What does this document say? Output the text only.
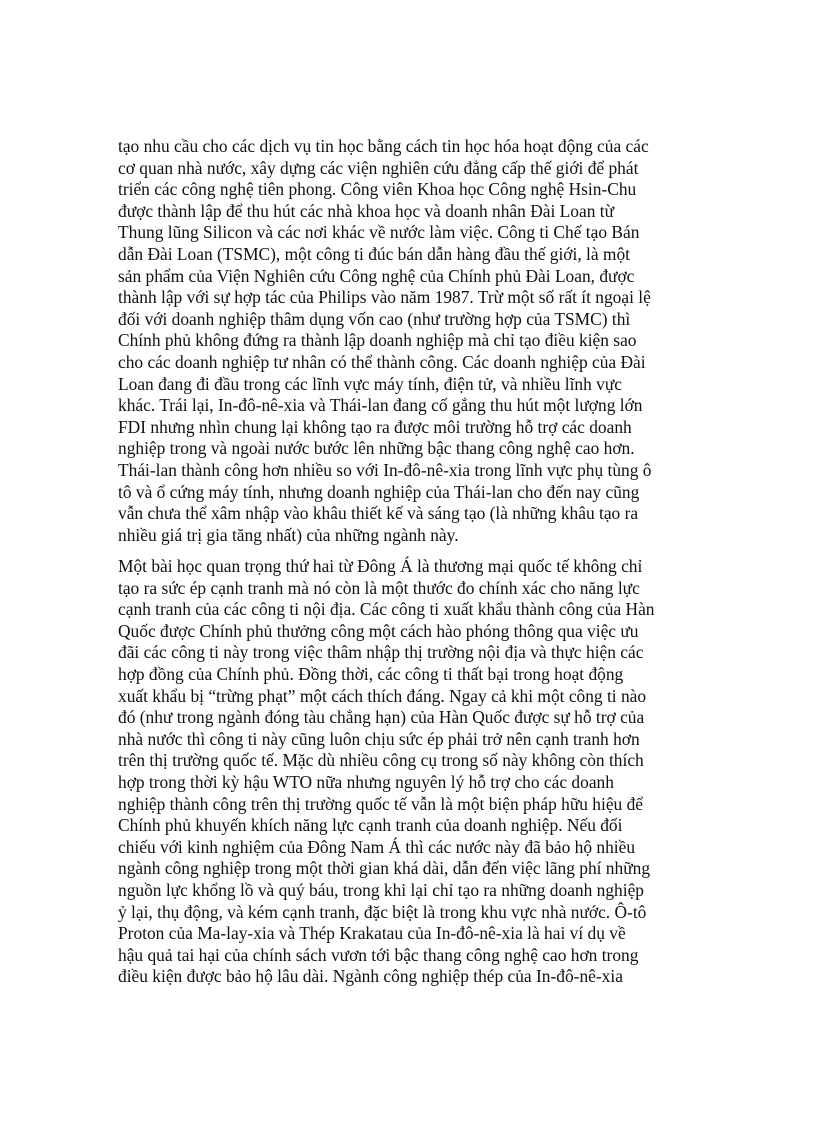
tạo nhu cầu cho các dịch vụ tin học bằng cách tin học hóa hoạt động của các
cơ quan nhà nước, xây dựng các viện nghiên cứu đẳng cấp thế giới để phát
triển các công nghệ tiên phong. Công viên Khoa học Công nghệ Hsin-Chu
được thành lập để thu hút các nhà khoa học và doanh nhân Đài Loan từ
Thung lũng Silicon và các nơi khác về nước làm việc. Công ti Chế tạo Bán
dẫn Đài Loan (TSMC), một công ti đúc bán dẫn hàng đầu thế giới, là một
sản phẩm của Viện Nghiên cứu Công nghệ của Chính phủ Đài Loan, được
thành lập với sự hợp tác của Philips vào năm 1987. Trừ một số rất ít ngoại lệ
đối với doanh nghiệp thâm dụng vốn cao (như trường hợp của TSMC) thì
Chính phủ không đứng ra thành lập doanh nghiệp mà chỉ tạo điều kiện sao
cho các doanh nghiệp tư nhân có thể thành công. Các doanh nghiệp của Đài
Loan đang đi đầu trong các lĩnh vực máy tính, điện tử, và nhiều lĩnh vực
khác. Trái lại, In-đô-nê-xia và Thái-lan đang cố gắng thu hút một lượng lớn
FDI nhưng nhìn chung lại không tạo ra được môi trường hỗ trợ các doanh
nghiệp trong và ngoài nước bước lên những bậc thang công nghệ cao hơn.
Thái-lan thành công hơn nhiều so với In-đô-nê-xia trong lĩnh vực phụ tùng ô
tô và ổ cứng máy tính, nhưng doanh nghiệp của Thái-lan cho đến nay cũng
vẫn chưa thể xâm nhập vào khâu thiết kế và sáng tạo (là những khâu tạo ra
nhiều giá trị gia tăng nhất) của những ngành này.
Một bài học quan trọng thứ hai từ Đông Á là thương mại quốc tế không chỉ
tạo ra sức ép cạnh tranh mà nó còn là một thước đo chính xác cho năng lực
cạnh tranh của các công ti nội địa. Các công ti xuất khẩu thành công của Hàn
Quốc được Chính phủ thưởng công một cách hào phóng thông qua việc ưu
đãi các công ti này trong việc thâm nhập thị trường nội địa và thực hiện các
hợp đồng của Chính phủ. Đồng thời, các công ti thất bại trong hoạt động
xuất khẩu bị “trừng phạt” một cách thích đáng. Ngay cả khi một công ti nào
đó (như trong ngành đóng tàu chẳng hạn) của Hàn Quốc được sự hỗ trợ của
nhà nước thì công ti này cũng luôn chịu sức ép phải trở nên cạnh tranh hơn
trên thị trường quốc tế. Mặc dù nhiều công cụ trong số này không còn thích
hợp trong thời kỳ hậu WTO nữa nhưng nguyên lý hỗ trợ cho các doanh
nghiệp thành công trên thị trường quốc tế vẫn là một biện pháp hữu hiệu để
Chính phủ khuyến khích năng lực cạnh tranh của doanh nghiệp. Nếu đối
chiếu với kinh nghiệm của Đông Nam Á thì các nước này đã bảo hộ nhiều
ngành công nghiệp trong một thời gian khá dài, dẫn đến việc lãng phí những
nguồn lực khổng lồ và quý báu, trong khi lại chỉ tạo ra những doanh nghiệp
ỷ lại, thụ động, và kém cạnh tranh, đặc biệt là trong khu vực nhà nước. Ô-tô
Proton của Ma-lay-xia và Thép Krakatau của In-đô-nê-xia là hai ví dụ về
hậu quả tai hại của chính sách vươn tới bậc thang công nghệ cao hơn trong
điều kiện được bảo hộ lâu dài. Ngành công nghiệp thép của In-đô-nê-xia
